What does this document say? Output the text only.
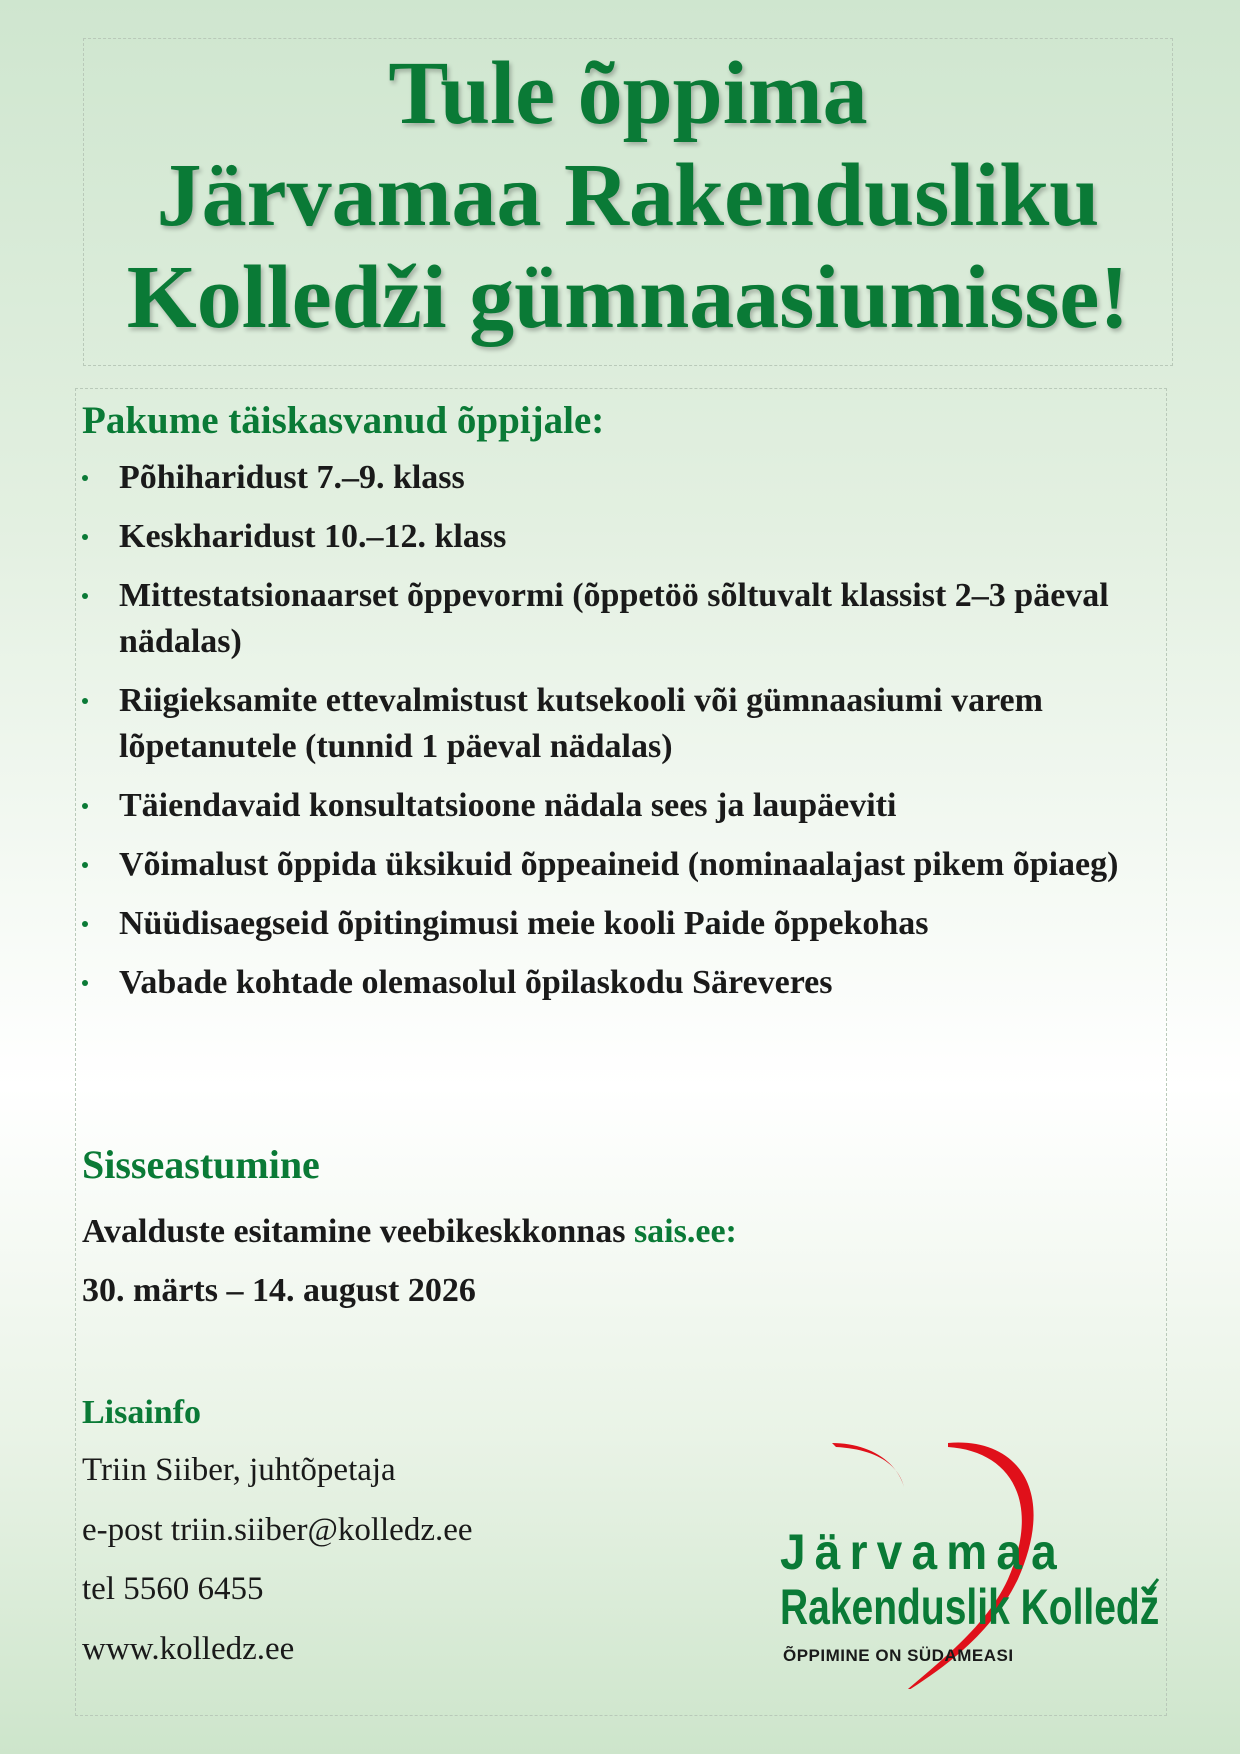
Tule õppima
Järvamaa Rakendusliku
Kolledži gümnaasiumisse!
Pakume täiskasvanud õppijale:
Põhiharidust 7.–9. klass
Keskharidust 10.–12. klass
Mittestatsionaarset õppevormi (õppetöö sõltuvalt klassist 2–3 päeval nädalas)
Riigieksamite ettevalmistust kutsekooli või gümnaasiumi varem lõpetanutele (tunnid 1 päeval nädalas)
Täiendavaid konsultatsioone nädala sees ja laupäeviti
Võimalust õppida üksikuid õppeaineid (nominaalajast pikem õpiaeg)
Nüüdisaegseid õpitingimusi meie kooli Paide õppekohas
Vabade kohtade olemasolul õpilaskodu Säreveres
Sisseastumine
Avalduste esitamine veebikeskkonnas sais.ee:
30. märts – 14. august 2026
Lisainfo
Triin Siiber, juhtõpetaja
e-post triin.siiber@kolledz.ee
tel 5560 6455
www.kolledz.ee
Järvamaa
Rakenduslik Kolledž
ÕPPIMINE ON SÜDAMEASI
